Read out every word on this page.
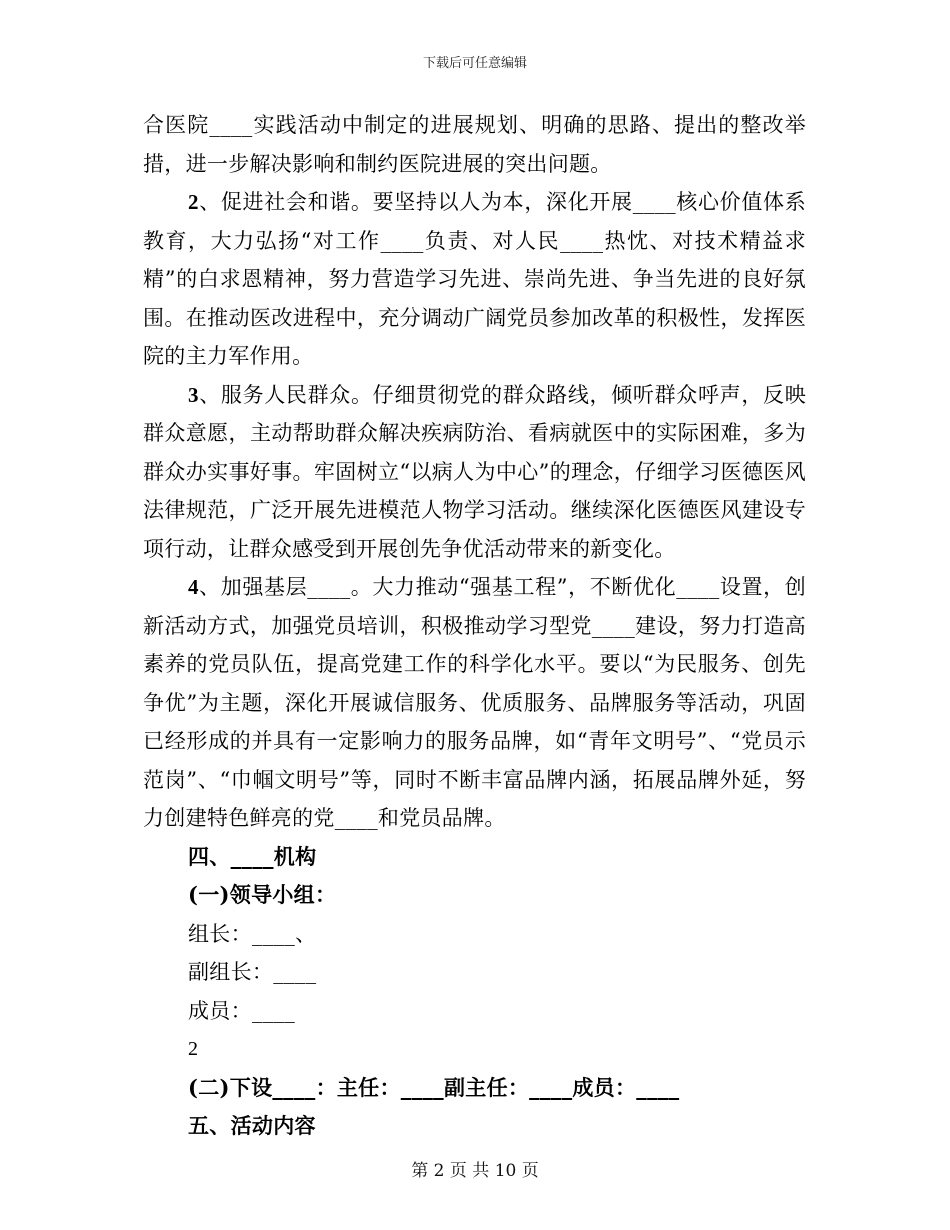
下载后可任意编辑

合医院____实践活动中制定的进展规划、明确的思路、提出的整改举措，进一步解决影响和制约医院进展的突出问题。

2、促进社会和谐。要坚持以人为本，深化开展____核心价值体系教育，大力弘扬“对工作____负责、对人民____热忱、对技术精益求精”的白求恩精神，努力营造学习先进、崇尚先进、争当先进的良好氛围。在推动医改进程中，充分调动广阔党员参加改革的积极性，发挥医院的主力军作用。

3、服务人民群众。仔细贯彻党的群众路线，倾听群众呼声，反映群众意愿，主动帮助群众解决疾病防治、看病就医中的实际困难，多为群众办实事好事。牢固树立“以病人为中心”的理念，仔细学习医德医风法律规范，广泛开展先进模范人物学习活动。继续深化医德医风建设专项行动，让群众感受到开展创先争优活动带来的新变化。

4、加强基层____。大力推动“强基工程”，不断优化____设置，创新活动方式，加强党员培训，积极推动学习型党____建设，努力打造高素养的党员队伍，提高党建工作的科学化水平。要以“为民服务、创先争优”为主题，深化开展诚信服务、优质服务、品牌服务等活动，巩固已经形成的并具有一定影响力的服务品牌，如“青年文明号”、“党员示范岗”、“巾帼文明号”等，同时不断丰富品牌内涵，拓展品牌外延，努力创建特色鲜亮的党____和党员品牌。

四、____机构
(一)领导小组：
组长：____、
副组长：____
成员：____
2
(二)下设____：主任：____副主任：____成员：____
五、活动内容
第 2 页 共 10 页
